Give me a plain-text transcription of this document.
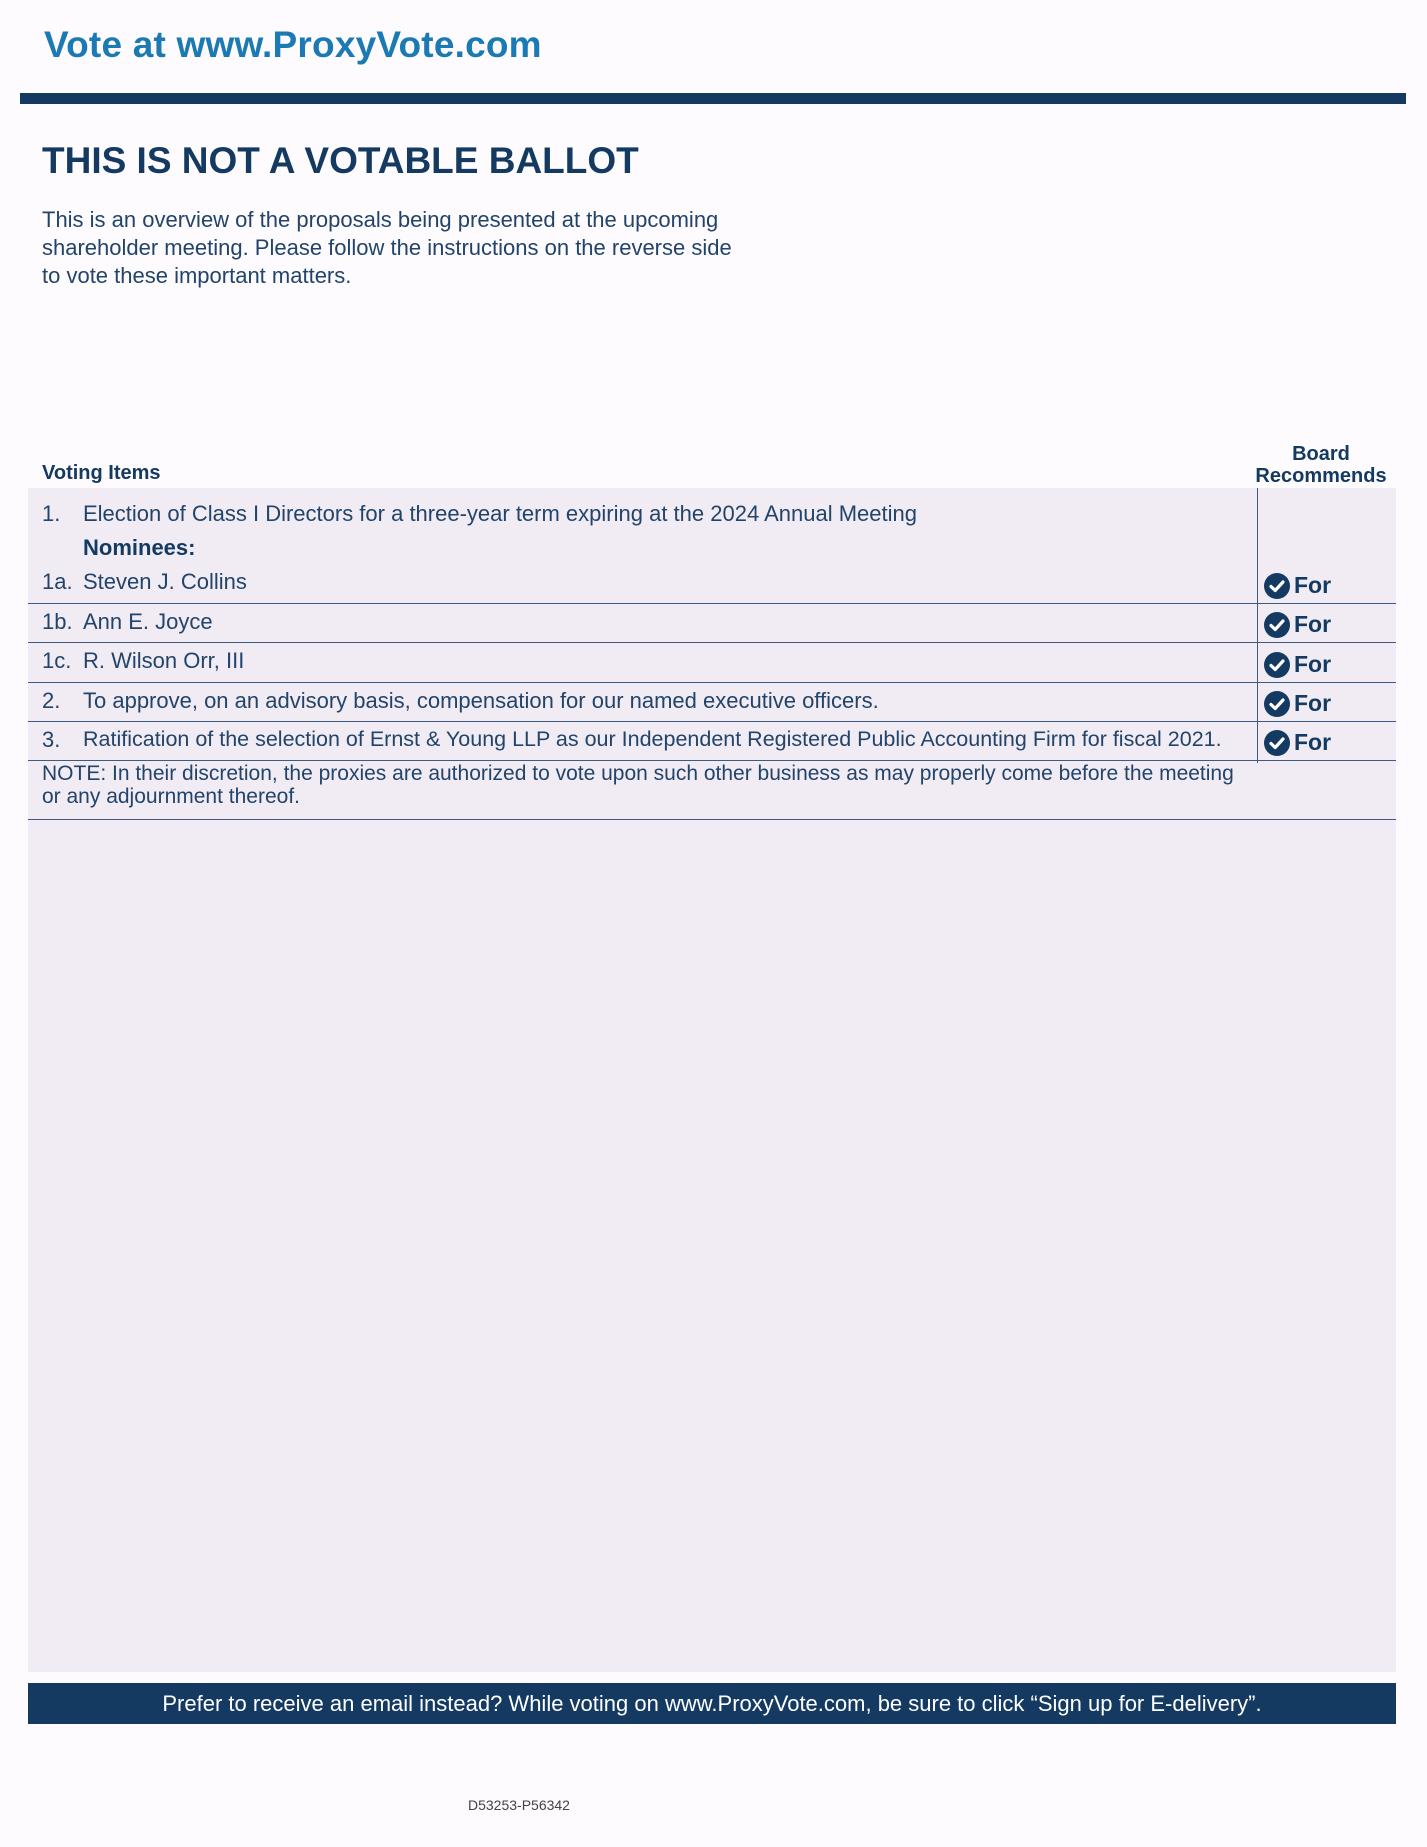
Vote at www.ProxyVote.com
THIS IS NOT A VOTABLE BALLOT
This is an overview of the proposals being presented at the upcoming shareholder meeting. Please follow the instructions on the reverse side to vote these important matters.
Voting Items
Board
Recommends
1. Election of Class I Directors for a three-year term expiring at the 2024 Annual Meeting
Nominees:
1a. Steven J. Collins	For
1b. Ann E. Joyce	For
1c. R. Wilson Orr, III	For
2. To approve, on an advisory basis, compensation for our named executive officers.	For
3. Ratification of the selection of Ernst & Young LLP as our Independent Registered Public Accounting Firm for fiscal 2021.	For
NOTE: In their discretion, the proxies are authorized to vote upon such other business as may properly come before the meeting or any adjournment thereof.
Prefer to receive an email instead? While voting on www.ProxyVote.com, be sure to click “Sign up for E-delivery”.
D53253-P56342
